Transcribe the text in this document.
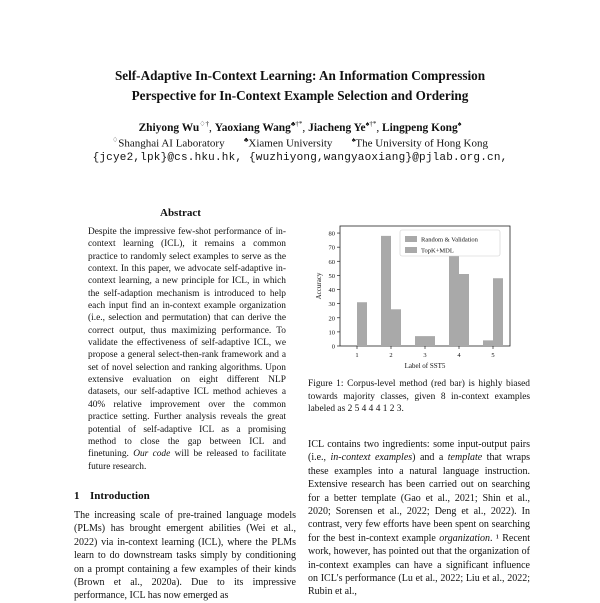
Self-Adaptive In-Context Learning: An Information Compression
Perspective for In-Context Example Selection and Ordering
Zhiyong Wu♢†, Yaoxiang Wang♣†*, Jiacheng Ye♠†*, Lingpeng Kong♠
♢Shanghai AI Laboratory	♣Xiamen University	♠The University of Hong Kong
{jcye2,lpk}@cs.hku.hk, {wuzhiyong,wangyaoxiang}@pjlab.org.cn,
Abstract
Despite the impressive few-shot performance of in-context learning (ICL), it remains a common practice to randomly select examples to serve as the context. In this paper, we advocate self-adaptive in-context learning, a new principle for ICL, in which the self-adaption mechanism is introduced to help each input find an in-context example organization (i.e., selection and permutation) that can derive the correct output, thus maximizing performance. To validate the effectiveness of self-adaptive ICL, we propose a general select-then-rank framework and a set of novel selection and ranking algorithms. Upon extensive evaluation on eight different NLP datasets, our self-adaptive ICL method achieves a 40% relative improvement over the common practice setting. Further analysis reveals the great potential of self-adaptive ICL as a promising method to close the gap between ICL and finetuning. Our code will be released to facilitate future research.
1 Introduction
The increasing scale of pre-trained language models (PLMs) has brought emergent abilities (Wei et al., 2022) via in-context learning (ICL), where the PLMs learn to do downstream tasks simply by conditioning on a prompt containing a few examples of their kinds (Brown et al., 2020a). Due to its impressive performance, ICL has now emerged as
0
10
20
30
40
50
60
70
80
1	2	3	4	5
Label of SST5
Accuracy
Random & Validation
TopK+MDL
Figure 1: Corpus-level method (red bar) is highly biased towards majority classes, given 8 in-context examples labeled as 2 5 4 4 4 1 2 3.
ICL contains two ingredients: some input-output pairs (i.e., in-context examples) and a template that wraps these examples into a natural language instruction. Extensive research has been carried out on searching for a better template (Gao et al., 2021; Shin et al., 2020; Sorensen et al., 2022; Deng et al., 2022). In contrast, very few efforts have been spent on searching for the best in-context example organization. ¹ Recent work, however, has pointed out that the organization of in-context examples can have a significant influence on ICL's performance (Lu et al., 2022; Liu et al., 2022; Rubin et al.,
